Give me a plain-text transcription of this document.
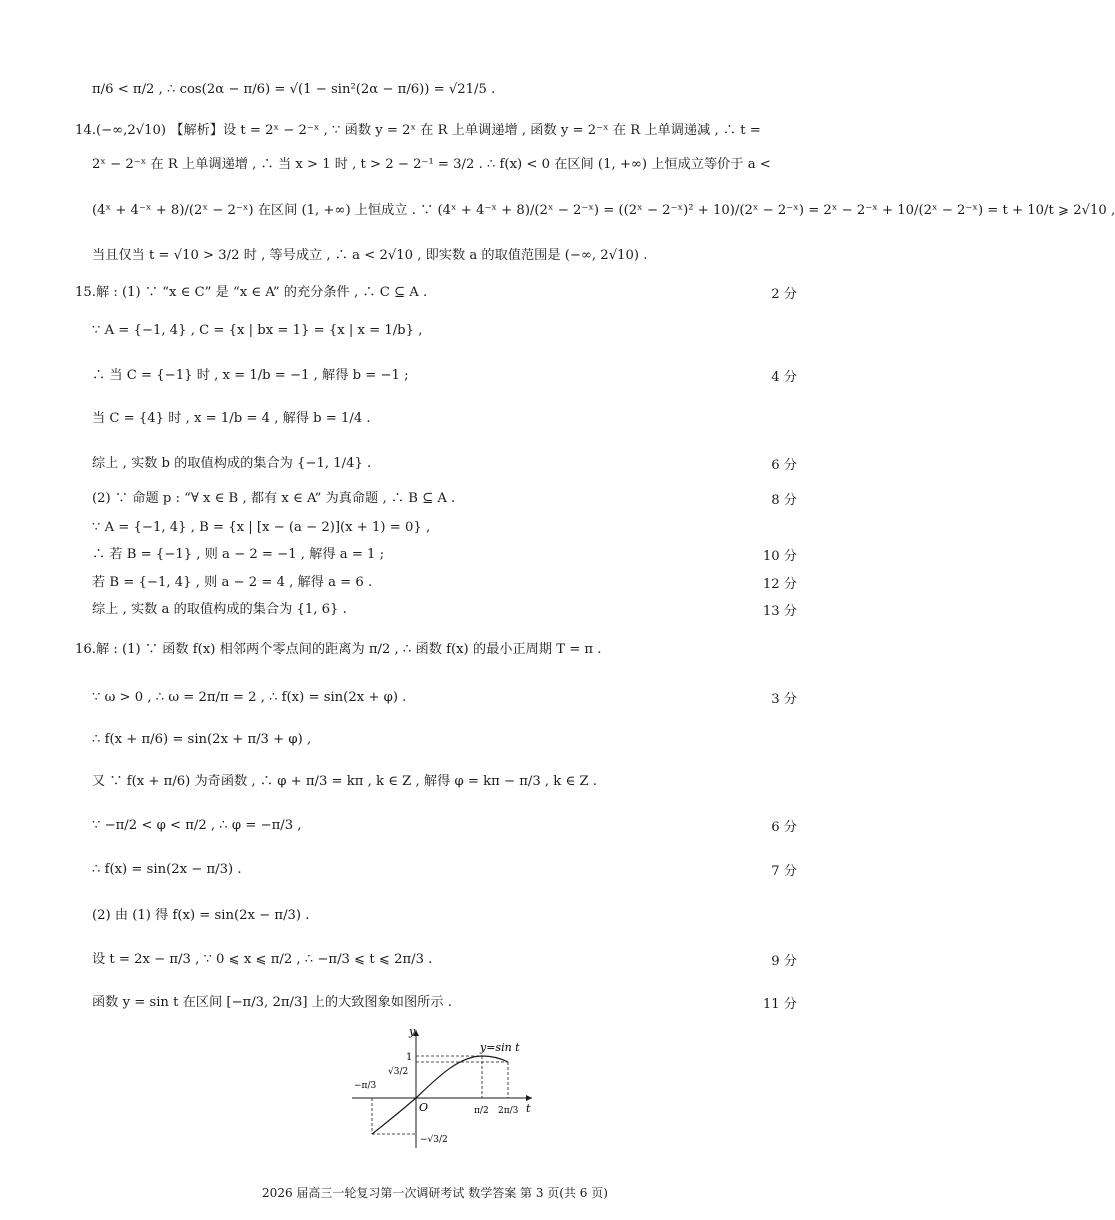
π/6 < π/2 , ∴ cos(2α − π/6) = √(1 − sin²(2α − π/6)) = √21/5 .
14.(−∞,2√10) 【解析】设 t = 2ˣ − 2⁻ˣ , ∵ 函数 y = 2ˣ 在 R 上单调递增 , 函数 y = 2⁻ˣ 在 R 上单调递减 , ∴ t =
2ˣ − 2⁻ˣ 在 R 上单调递增 , ∴ 当 x > 1 时 , t > 2 − 2⁻¹ = 3/2 . ∴ f(x) < 0 在区间 (1, +∞) 上恒成立等价于 a <
(4ˣ + 4⁻ˣ + 8)/(2ˣ − 2⁻ˣ) 在区间 (1, +∞) 上恒成立 . ∵ (4ˣ + 4⁻ˣ + 8)/(2ˣ − 2⁻ˣ) = ((2ˣ − 2⁻ˣ)² + 10)/(2ˣ − 2⁻ˣ) = 2ˣ − 2⁻ˣ + 10/(2ˣ − 2⁻ˣ) = t + 10/t ⩾ 2√10 ,
当且仅当 t = √10 > 3/2 时 , 等号成立 , ∴ a < 2√10 , 即实数 a 的取值范围是 (−∞, 2√10) .
15.解 : (1) ∵ “x ∈ C” 是 “x ∈ A” 的充分条件 , ∴ C ⊆ A .	2 分
∵ A = {−1, 4} , C = {x | bx = 1} = {x | x = 1/b} ,
∴ 当 C = {−1} 时 , x = 1/b = −1 , 解得 b = −1 ;	4 分
当 C = {4} 时 , x = 1/b = 4 , 解得 b = 1/4 .
综上 , 实数 b 的取值构成的集合为 {−1, 1/4} .	6 分
(2) ∵ 命题 p : “∀ x ∈ B , 都有 x ∈ A” 为真命题 , ∴ B ⊆ A .	8 分
∵ A = {−1, 4} , B = {x | [x − (a − 2)](x + 1) = 0} ,
∴ 若 B = {−1} , 则 a − 2 = −1 , 解得 a = 1 ;	10 分
若 B = {−1, 4} , 则 a − 2 = 4 , 解得 a = 6 .	12 分
综上 , 实数 a 的取值构成的集合为 {1, 6} .	13 分
16.解 : (1) ∵ 函数 f(x) 相邻两个零点间的距离为 π/2 , ∴ 函数 f(x) 的最小正周期 T = π .
∵ ω > 0 , ∴ ω = 2π/π = 2 , ∴ f(x) = sin(2x + φ) .	3 分
∴ f(x + π/6) = sin(2x + π/3 + φ) ,
又 ∵ f(x + π/6) 为奇函数 , ∴ φ + π/3 = kπ , k ∈ Z , 解得 φ = kπ − π/3 , k ∈ Z .
∵ −π/2 < φ < π/2 , ∴ φ = −π/3 ,	6 分
∴ f(x) = sin(2x − π/3) .	7 分
(2) 由 (1) 得 f(x) = sin(2x − π/3) .
设 t = 2x − π/3 , ∵ 0 ⩽ x ⩽ π/2 , ∴ −π/3 ⩽ t ⩽ 2π/3 .	9 分
函数 y = sin t 在区间 [−π/3, 2π/3] 上的大致图象如图所示 .	11 分
y=sin t
y
t
O
1
√3/2
−√3/2
−π/3
π/2 2π/3
2026 届高三一轮复习第一次调研考试 数学答案 第 3 页(共 6 页)
